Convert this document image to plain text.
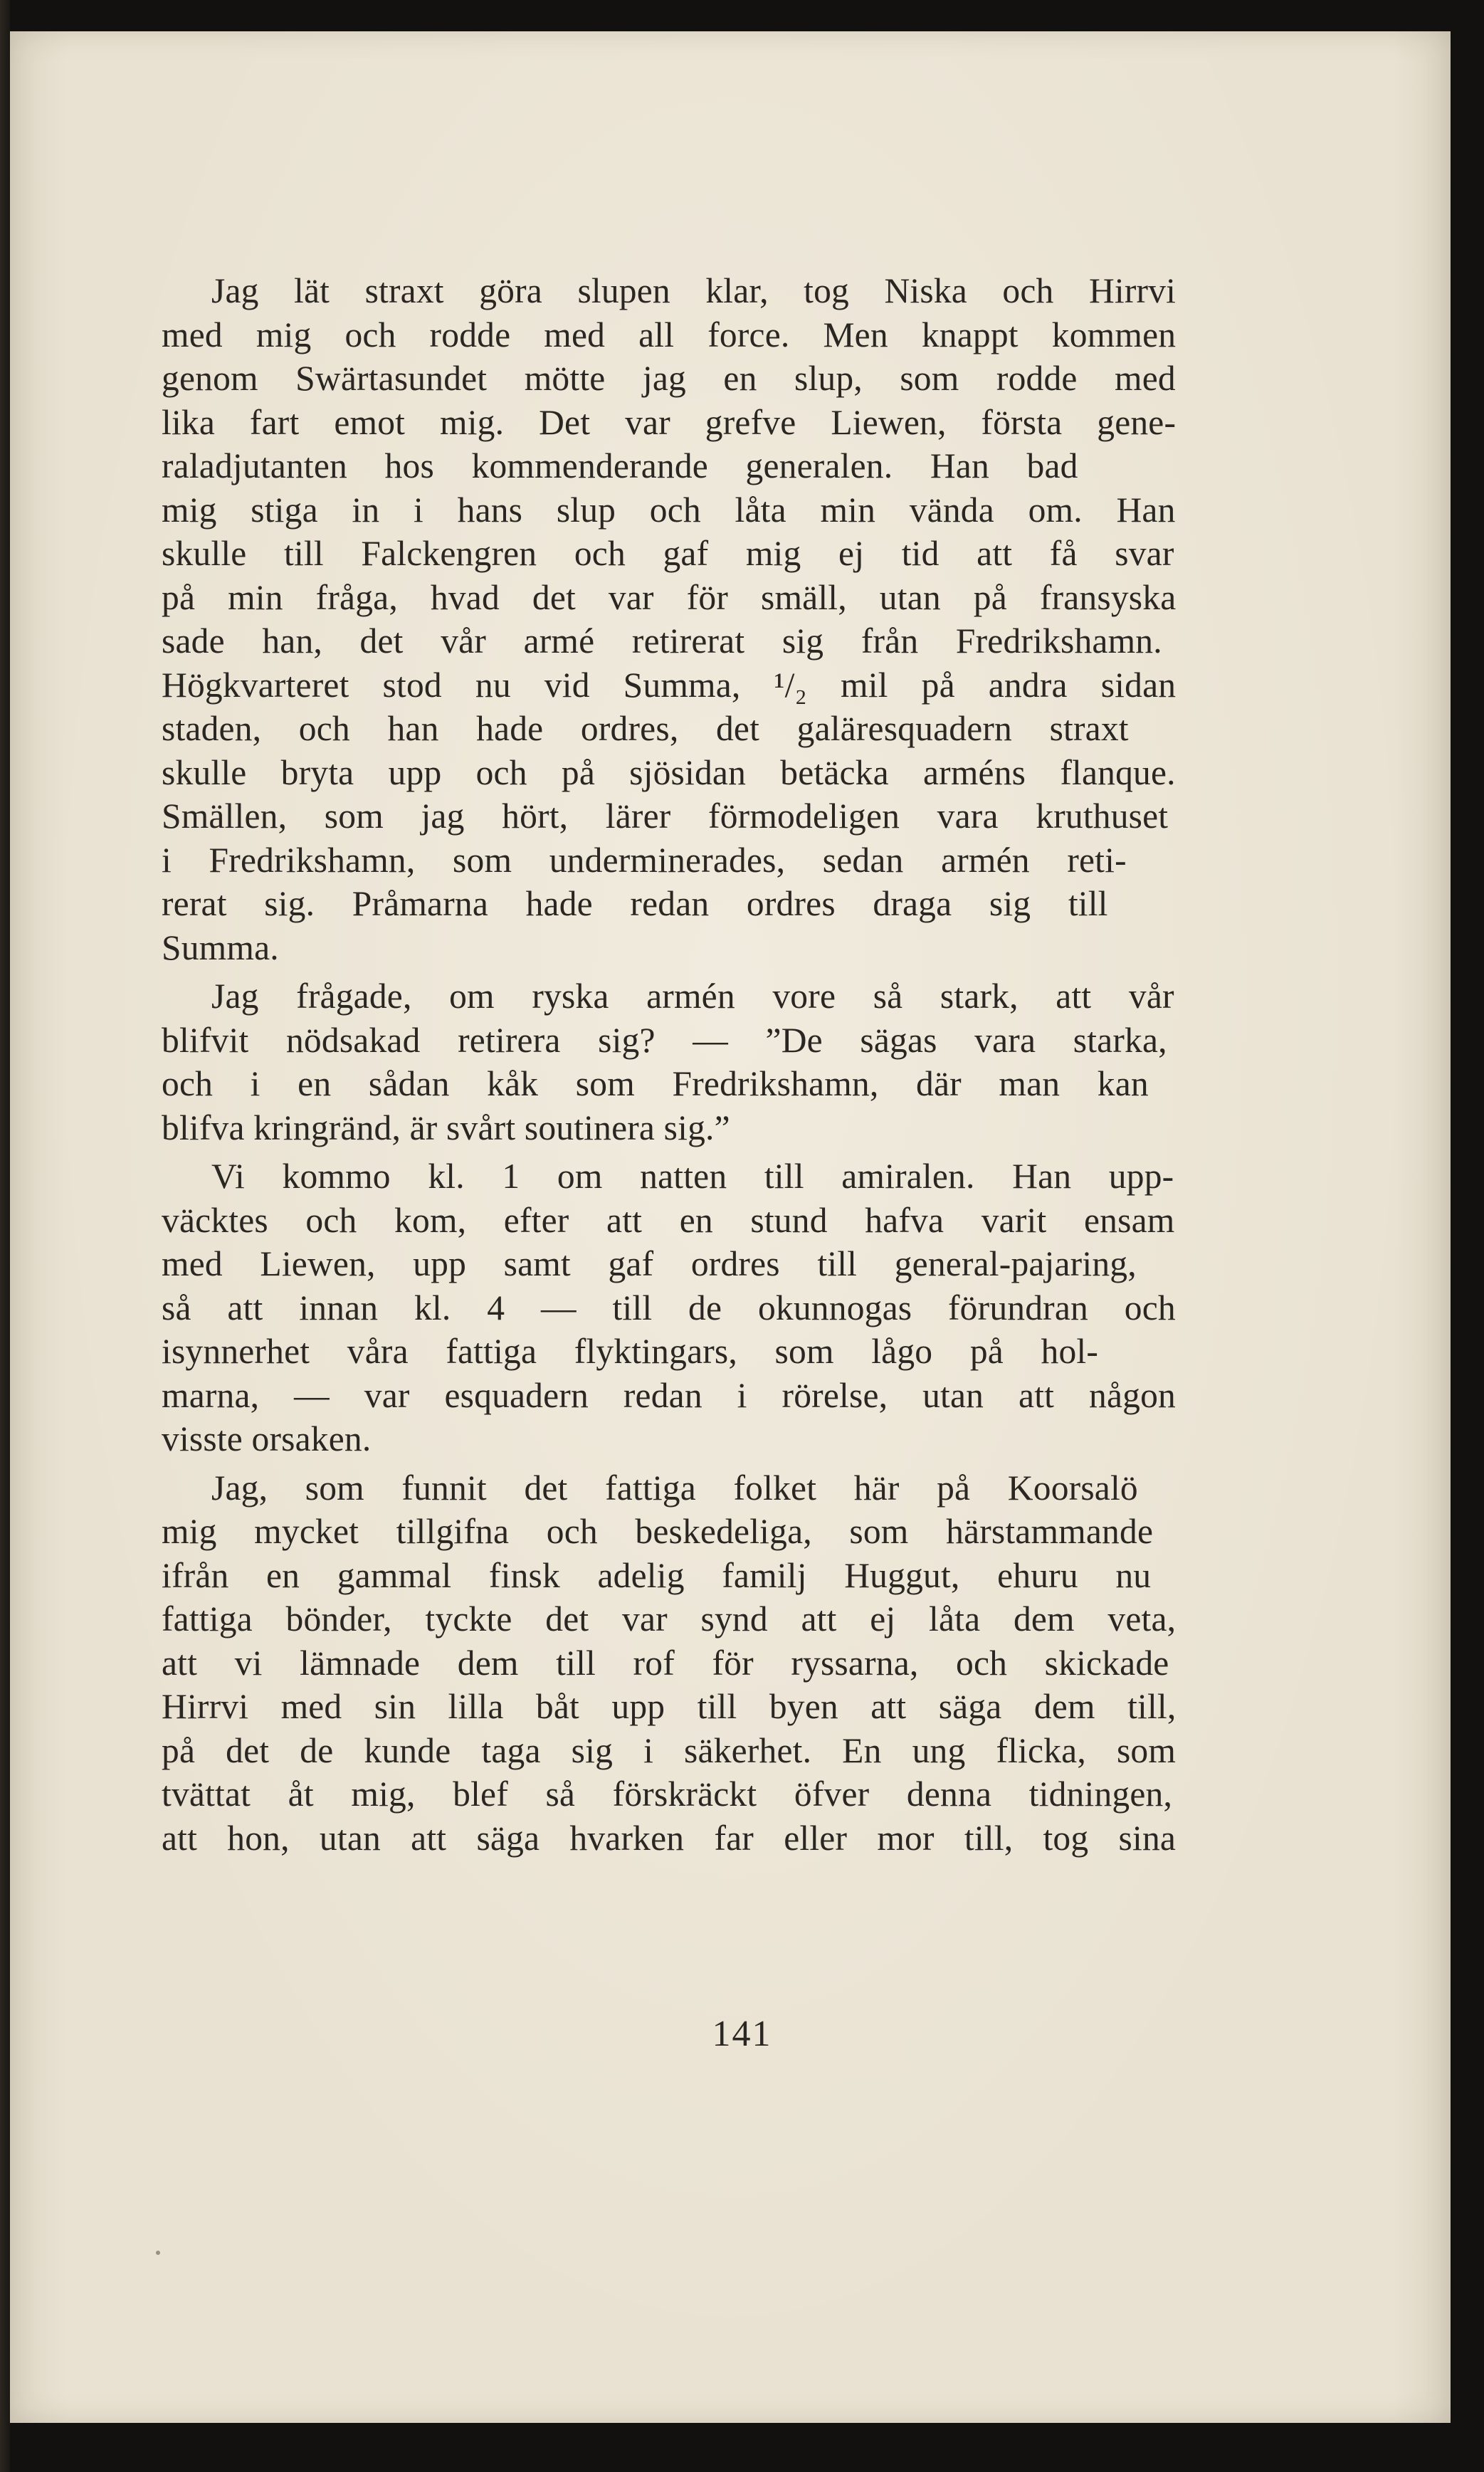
Jag lät straxt göra slupen klar, tog Niska och Hirrvi
med mig och rodde med all force. Men knappt kommen
genom Swärtasundet mötte jag en slup, som rodde med
lika fart emot mig. Det var grefve Liewen, första gene-
raladjutanten hos kommenderande generalen. Han bad
mig stiga in i hans slup och låta min vända om. Han
skulle till Falckengren och gaf mig ej tid att få svar
på min fråga, hvad det var för smäll, utan på fransyska
sade han, det vår armé retirerat sig från Fredrikshamn.
Högkvarteret stod nu vid Summa, ¹/₂ mil på andra sidan
staden, och han hade ordres, det galäresquadern straxt
skulle bryta upp och på sjösidan betäcka arméns flanque.
Smällen, som jag hört, lärer förmodeligen vara kruthuset
i Fredrikshamn, som underminerades, sedan armén reti-
rerat sig. Pråmarna hade redan ordres draga sig till
Summa.
Jag frågade, om ryska armén vore så stark, att vår
blifvit nödsakad retirera sig? — ”De sägas vara starka,
och i en sådan kåk som Fredrikshamn, där man kan
blifva kringränd, är svårt soutinera sig.”
Vi kommo kl. 1 om natten till amiralen. Han upp-
väcktes och kom, efter att en stund hafva varit ensam
med Liewen, upp samt gaf ordres till general-pajaring,
så att innan kl. 4 — till de okunnogas förundran och
isynnerhet våra fattiga flyktingars, som lågo på hol-
marna, — var esquadern redan i rörelse, utan att någon
visste orsaken.
Jag, som funnit det fattiga folket här på Koorsalö
mig mycket tillgifna och beskedeliga, som härstammande
ifrån en gammal finsk adelig familj Huggut, ehuru nu
fattiga bönder, tyckte det var synd att ej låta dem veta,
att vi lämnade dem till rof för ryssarna, och skickade
Hirrvi med sin lilla båt upp till byen att säga dem till,
på det de kunde taga sig i säkerhet. En ung flicka, som
tvättat åt mig, blef så förskräckt öfver denna tidningen,
att hon, utan att säga hvarken far eller mor till, tog sina
141
